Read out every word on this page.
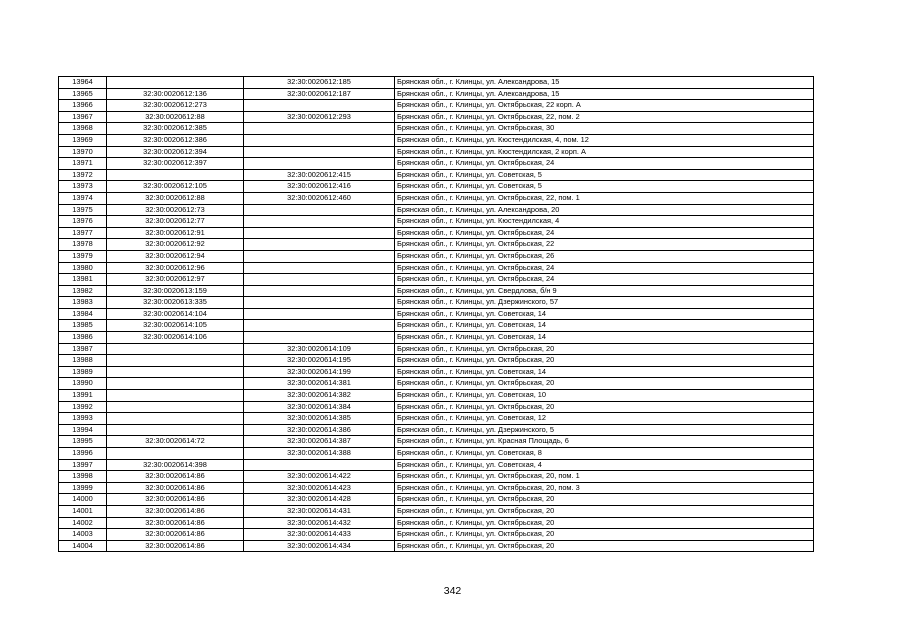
13964		32:30:0020612:185	Брянская обл., г. Клинцы, ул. Александрова, 15
13965	32:30:0020612:136	32:30:0020612:187	Брянская обл., г. Клинцы, ул. Александрова, 15
13966	32:30:0020612:273		Брянская обл., г. Клинцы, ул. Октябрьская, 22 корп. А
13967	32:30:0020612:88	32:30:0020612:293	Брянская обл., г. Клинцы, ул. Октябрьская, 22, пом. 2
13968	32:30:0020612:385		Брянская обл., г. Клинцы, ул. Октябрьская, 30
13969	32:30:0020612:386		Брянская обл., г. Клинцы, ул. Кюстендилская, 4, пом. 12
13970	32:30:0020612:394		Брянская обл., г. Клинцы, ул. Кюстендилская, 2 корп. А
13971	32:30:0020612:397		Брянская обл., г. Клинцы, ул. Октябрьская, 24
13972		32:30:0020612:415	Брянская обл., г. Клинцы, ул. Советская, 5
13973	32:30:0020612:105	32:30:0020612:416	Брянская обл., г. Клинцы, ул. Советская, 5
13974	32:30:0020612:88	32:30:0020612:460	Брянская обл., г. Клинцы, ул. Октябрьская, 22, пом. 1
13975	32:30:0020612:73		Брянская обл., г. Клинцы, ул. Александрова, 20
13976	32:30:0020612:77		Брянская обл., г. Клинцы, ул. Кюстендилская, 4
13977	32:30:0020612:91		Брянская обл., г. Клинцы, ул. Октябрьская, 24
13978	32:30:0020612:92		Брянская обл., г. Клинцы, ул. Октябрьская, 22
13979	32:30:0020612:94		Брянская обл., г. Клинцы, ул. Октябрьская, 26
13980	32:30:0020612:96		Брянская обл., г. Клинцы, ул. Октябрьская, 24
13981	32:30:0020612:97		Брянская обл., г. Клинцы, ул. Октябрьская, 24
13982	32:30:0020613:159		Брянская обл., г. Клинцы, ул. Свердлова, б/н 9
13983	32:30:0020613:335		Брянская обл., г. Клинцы, ул. Дзержинского, 57
13984	32:30:0020614:104		Брянская обл., г. Клинцы, ул. Советская, 14
13985	32:30:0020614:105		Брянская обл., г. Клинцы, ул. Советская, 14
13986	32:30:0020614:106		Брянская обл., г. Клинцы, ул. Советская, 14
13987		32:30:0020614:109	Брянская обл., г. Клинцы, ул. Октябрьская, 20
13988		32:30:0020614:195	Брянская обл., г. Клинцы, ул. Октябрьская, 20
13989		32:30:0020614:199	Брянская обл., г. Клинцы, ул. Советская, 14
13990		32:30:0020614:381	Брянская обл., г. Клинцы, ул. Октябрьская, 20
13991		32:30:0020614:382	Брянская обл., г. Клинцы, ул. Советская, 10
13992		32:30:0020614:384	Брянская обл., г. Клинцы, ул. Октябрьская, 20
13993		32:30:0020614:385	Брянская обл., г. Клинцы, ул. Советская, 12
13994		32:30:0020614:386	Брянская обл., г. Клинцы, ул. Дзержинского, 5
13995	32:30:0020614:72	32:30:0020614:387	Брянская обл., г. Клинцы, ул. Красная Площадь, 6
13996		32:30:0020614:388	Брянская обл., г. Клинцы, ул. Советская, 8
13997	32:30:0020614:398		Брянская обл., г. Клинцы, ул. Советская, 4
13998	32:30:0020614:86	32:30:0020614:422	Брянская обл., г. Клинцы, ул. Октябрьская, 20, пом. 1
13999	32:30:0020614:86	32:30:0020614:423	Брянская обл., г. Клинцы, ул. Октябрьская, 20, пом. 3
14000	32:30:0020614:86	32:30:0020614:428	Брянская обл., г. Клинцы, ул. Октябрьская, 20
14001	32:30:0020614:86	32:30:0020614:431	Брянская обл., г. Клинцы, ул. Октябрьская, 20
14002	32:30:0020614:86	32:30:0020614:432	Брянская обл., г. Клинцы, ул. Октябрьская, 20
14003	32:30:0020614:86	32:30:0020614:433	Брянская обл., г. Клинцы, ул. Октябрьская, 20
14004	32:30:0020614:86	32:30:0020614:434	Брянская обл., г. Клинцы, ул. Октябрьская, 20
342
